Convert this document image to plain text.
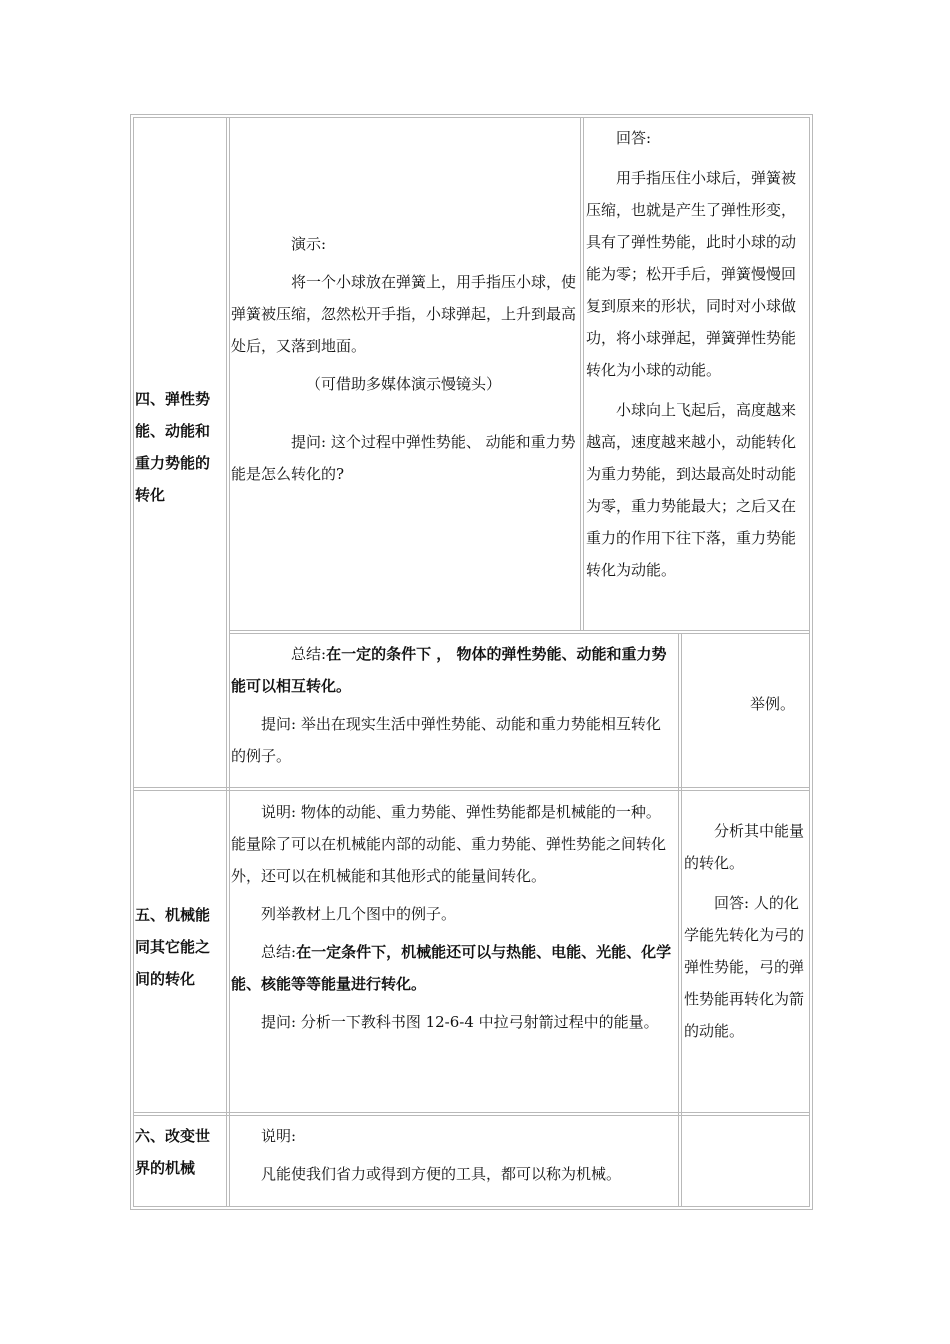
四、弹性势能、动能和重力势能的转化

演示:

将一个小球放在弹簧上，用手指压小球，使弹簧被压缩，忽然松开手指，小球弹起，上升到最高处后，又落到地面。

（可借助多媒体演示慢镜头）

提问: 这个过程中弹性势能、 动能和重力势能是怎么转化的?

回答:

用手指压住小球后，弹簧被压缩，也就是产生了弹性形变，具有了弹性势能，此时小球的动能为零；松开手后，弹簧慢慢回复到原来的形状，同时对小球做功，将小球弹起，弹簧弹性势能转化为小球的动能。

小球向上飞起后，高度越来越高，速度越来越小，动能转化为重力势能，到达最高处时动能为零，重力势能最大；之后又在重力的作用下往下落，重力势能转化为动能。

总结:在一定的条件下 ， 物体的弹性势能、动能和重力势能可以相互转化。

提问: 举出在现实生活中弹性势能、动能和重力势能相互转化的例子。

举例。

五、机械能同其它能之间的转化

说明: 物体的动能、重力势能、弹性势能都是机械能的一种。能量除了可以在机械能内部的动能、重力势能、弹性势能之间转化外，还可以在机械能和其他形式的能量间转化。

列举教材上几个图中的例子。

总结:在一定条件下，机械能还可以与热能、电能、光能、化学能、核能等等能量进行转化。

提问: 分析一下教科书图 12-6-4 中拉弓射箭过程中的能量。

分析其中能量的转化。

回答: 人的化学能先转化为弓的弹性势能，弓的弹性势能再转化为箭的动能。

六、改变世界的机械

说明:

凡能使我们省力或得到方便的工具，都可以称为机械。
